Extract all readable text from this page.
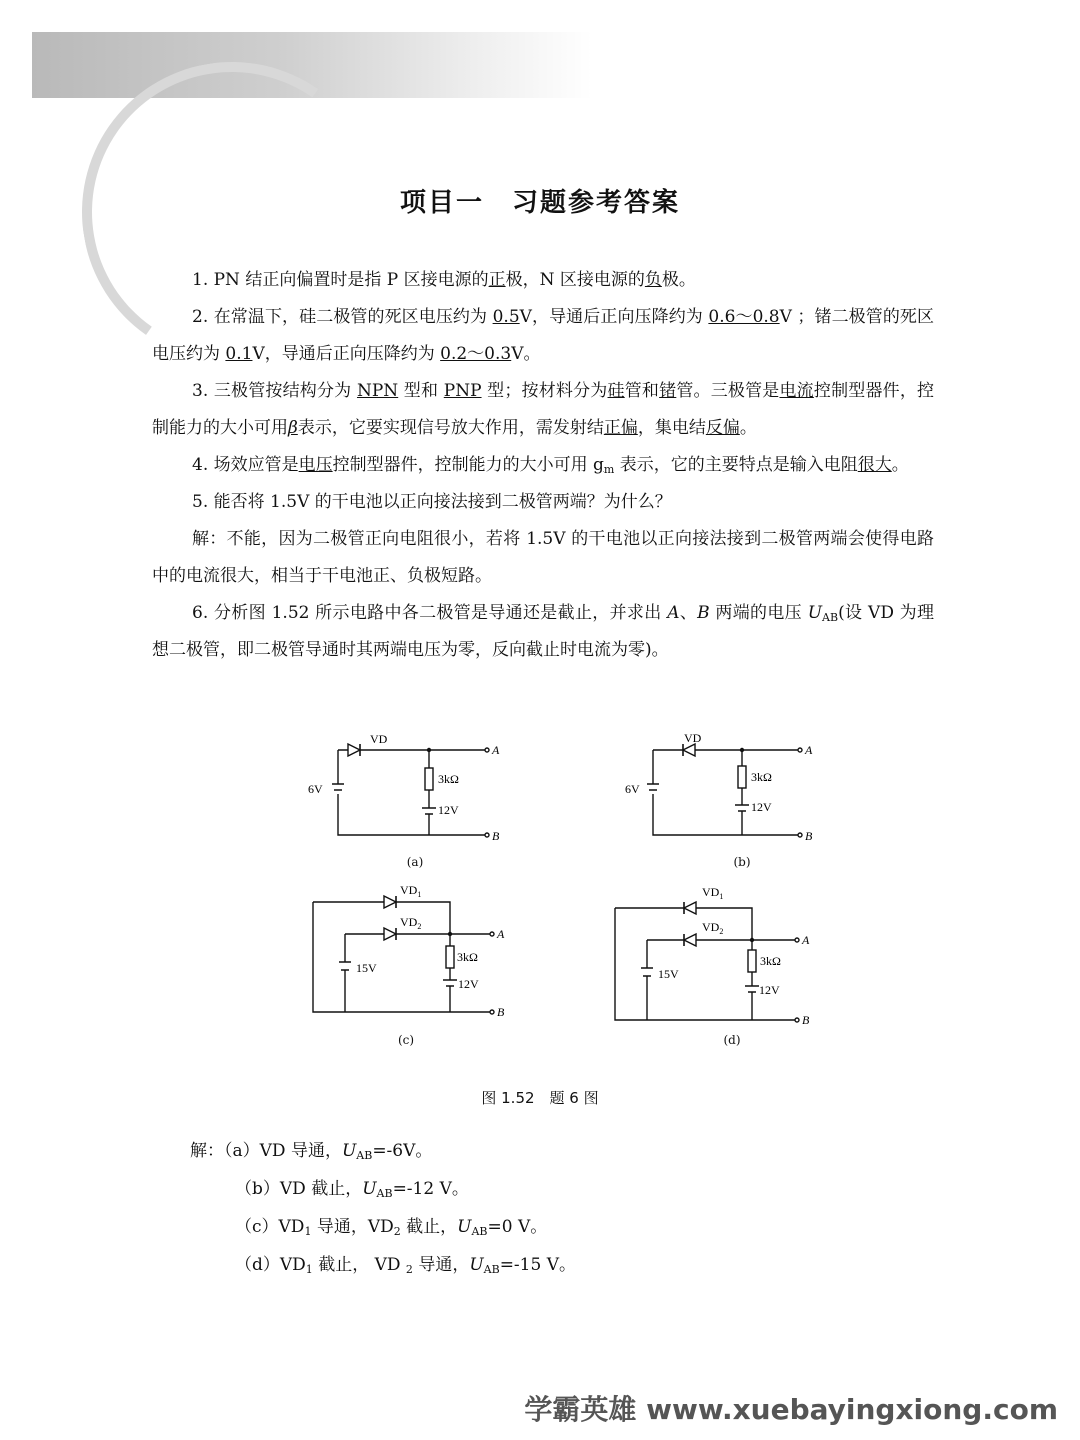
项目一　习题参考答案

1. PN 结正向偏置时是指 P 区接电源的正极，N 区接电源的负极。

2. 在常温下，硅二极管的死区电压约为 0.5V，导通后正向压降约为 0.6～0.8V ；锗二极管的死区电压约为 0.1V，导通后正向压降约为 0.2～0.3V。

3. 三极管按结构分为 NPN 型和 PNP 型；按材料分为硅管和锗管。三极管是电流控制型器件，控制能力的大小可用β表示，它要实现信号放大作用，需发射结正偏，集电结反偏。

4. 场效应管是电压控制型器件，控制能力的大小可用 $g_m$ 表示，它的主要特点是输入电阻很大。

5. 能否将 1.5V 的干电池以正向接法接到二极管两端？为什么？

解：不能，因为二极管正向电阻很小，若将 1.5V 的干电池以正向接法接到二极管两端会使得电路中的电流很大，相当于干电池正、负极短路。

6. 分析图 1.52 所示电路中各二极管是导通还是截止，并求出 A、B 两端的电压 $U_{AB}$(设 VD 为理想二极管，即二极管导通时其两端电压为零，反向截止时电流为零)。

VD
6V
3kΩ
12V
A
B
(a)
VD
6V
3kΩ
12V
A
B
(b)
$VD_1$
$VD_2$
15V
3kΩ
12V
A
B
(c)
$VD_1$
$VD_2$
15V
3kΩ
12V
A
B
(d)
图 1.52　题 6 图
解：（a）VD 导通，$U_{AB}=-6V$。
（b）VD 截止，$U_{AB}=-12$ V。
$(c)VD_1$ 导通，$VD_2$ 截止，$U_{AB}=0$ V。
$(d)VD_1$ 截止， VD $_2$ 导通，$U_{AB}=-15$ V。
学霸英雄 www.xuebayingxiong.com
